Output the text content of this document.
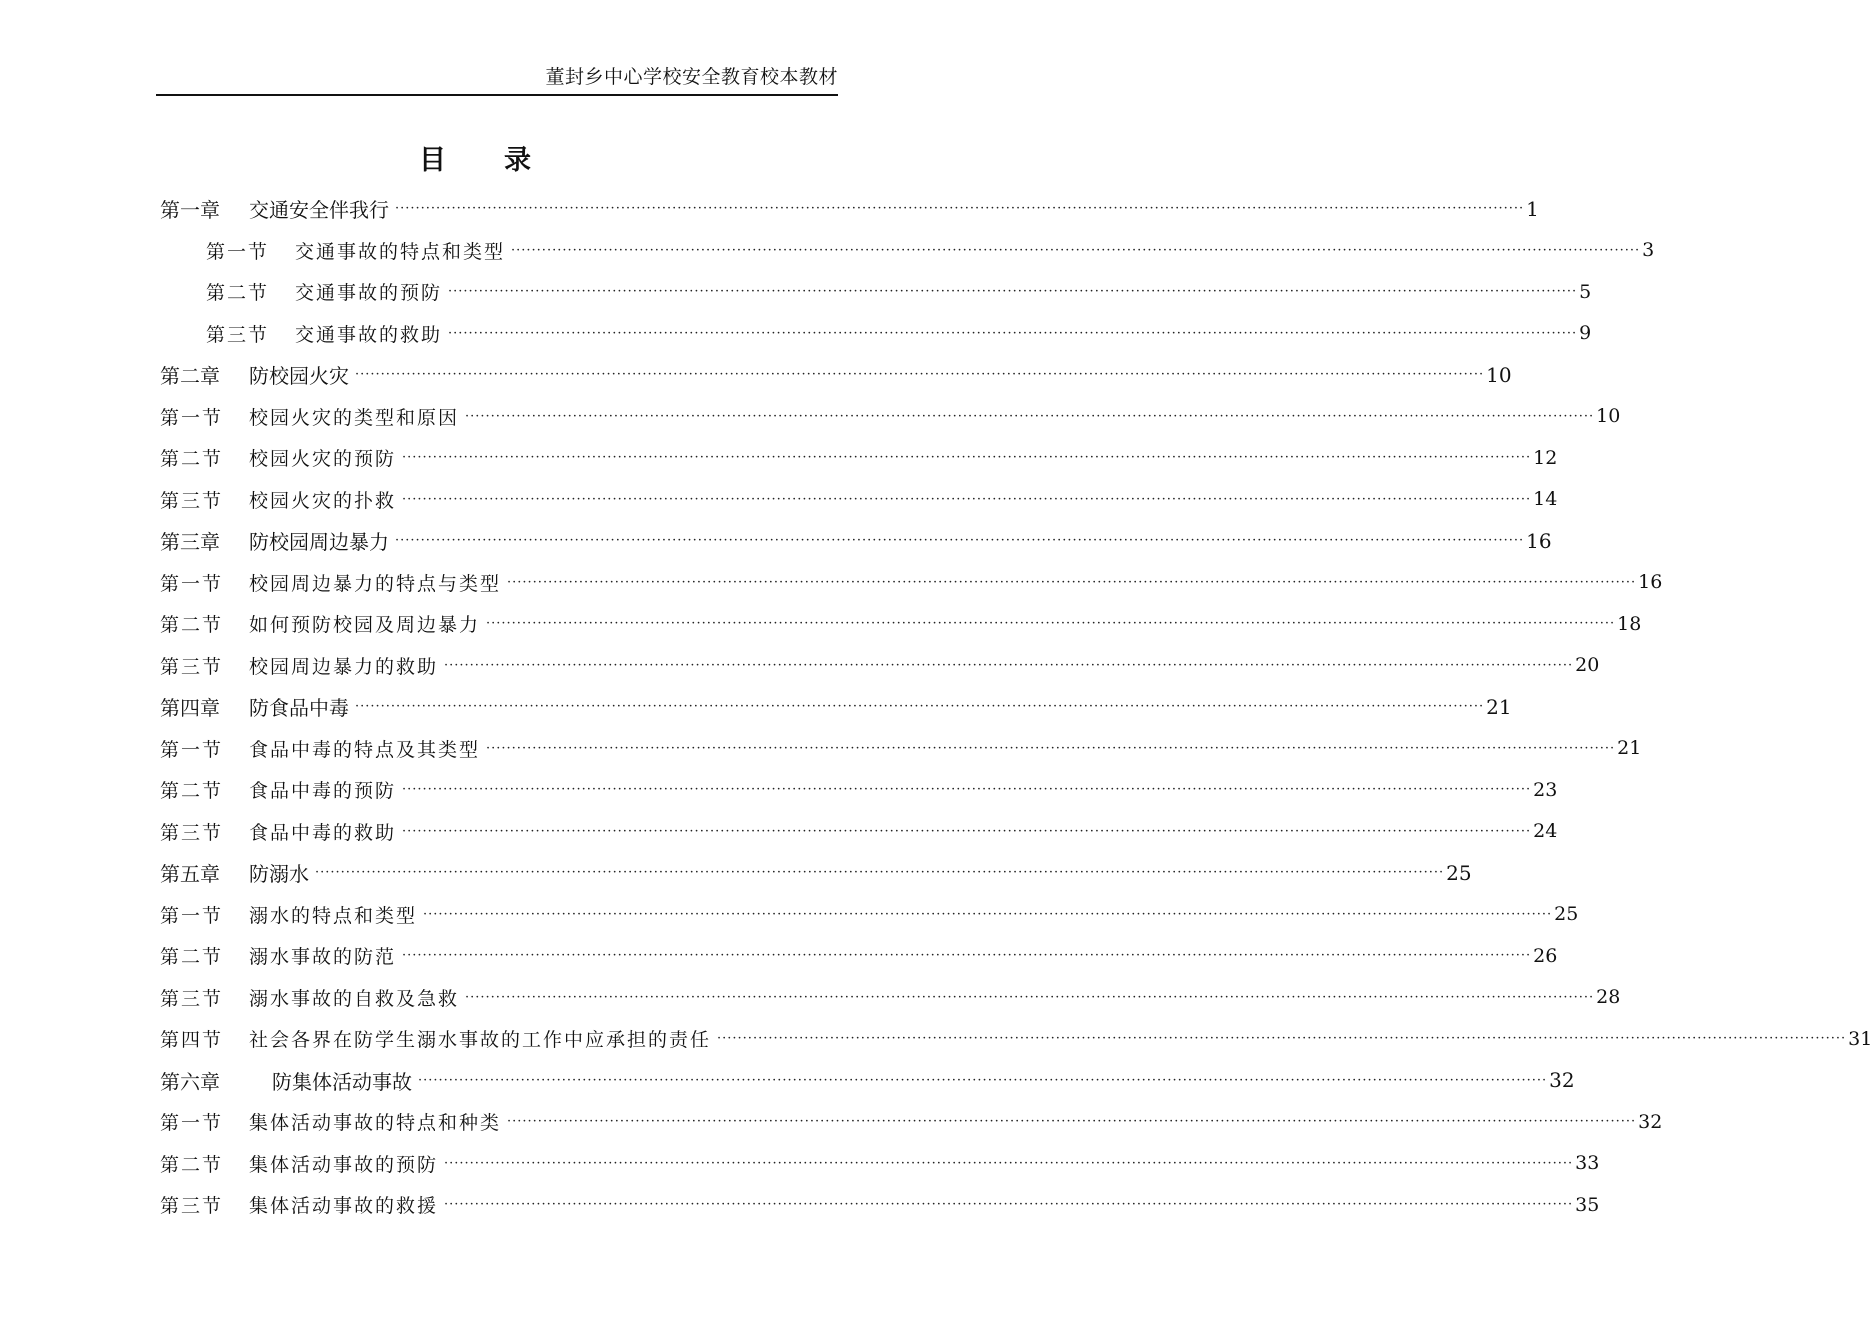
董封乡中心学校安全教育校本教材
目 录
第一章	交通安全伴我行 ···························································································································································································································· 1
第一节	交通事故的特点和类型 ···························································································································································································································· 3
第二节	交通事故的预防 ···························································································································································································································· 5
第三节	交通事故的救助 ···························································································································································································································· 9
第二章	防校园火灾 ···························································································································································································································· 10
第一节	校园火灾的类型和原因 ···························································································································································································································· 10
第二节	校园火灾的预防 ···························································································································································································································· 12
第三节	校园火灾的扑救 ···························································································································································································································· 14
第三章	防校园周边暴力 ···························································································································································································································· 16
第一节	校园周边暴力的特点与类型 ···························································································································································································································· 16
第二节	如何预防校园及周边暴力 ···························································································································································································································· 18
第三节	校园周边暴力的救助 ···························································································································································································································· 20
第四章	防食品中毒 ···························································································································································································································· 21
第一节	食品中毒的特点及其类型 ···························································································································································································································· 21
第二节	食品中毒的预防 ···························································································································································································································· 23
第三节	食品中毒的救助 ···························································································································································································································· 24
第五章	防溺水 ···························································································································································································································· 25
第一节	溺水的特点和类型 ···························································································································································································································· 25
第二节	溺水事故的防范 ···························································································································································································································· 26
第三节	溺水事故的自救及急救 ···························································································································································································································· 28
第四节	社会各界在防学生溺水事故的工作中应承担的责任 ···························································································································································································································· 31
第六章	防集体活动事故 ···························································································································································································································· 32
第一节	集体活动事故的特点和种类 ···························································································································································································································· 32
第二节	集体活动事故的预防 ···························································································································································································································· 33
第三节	集体活动事故的救援 ···························································································································································································································· 35
